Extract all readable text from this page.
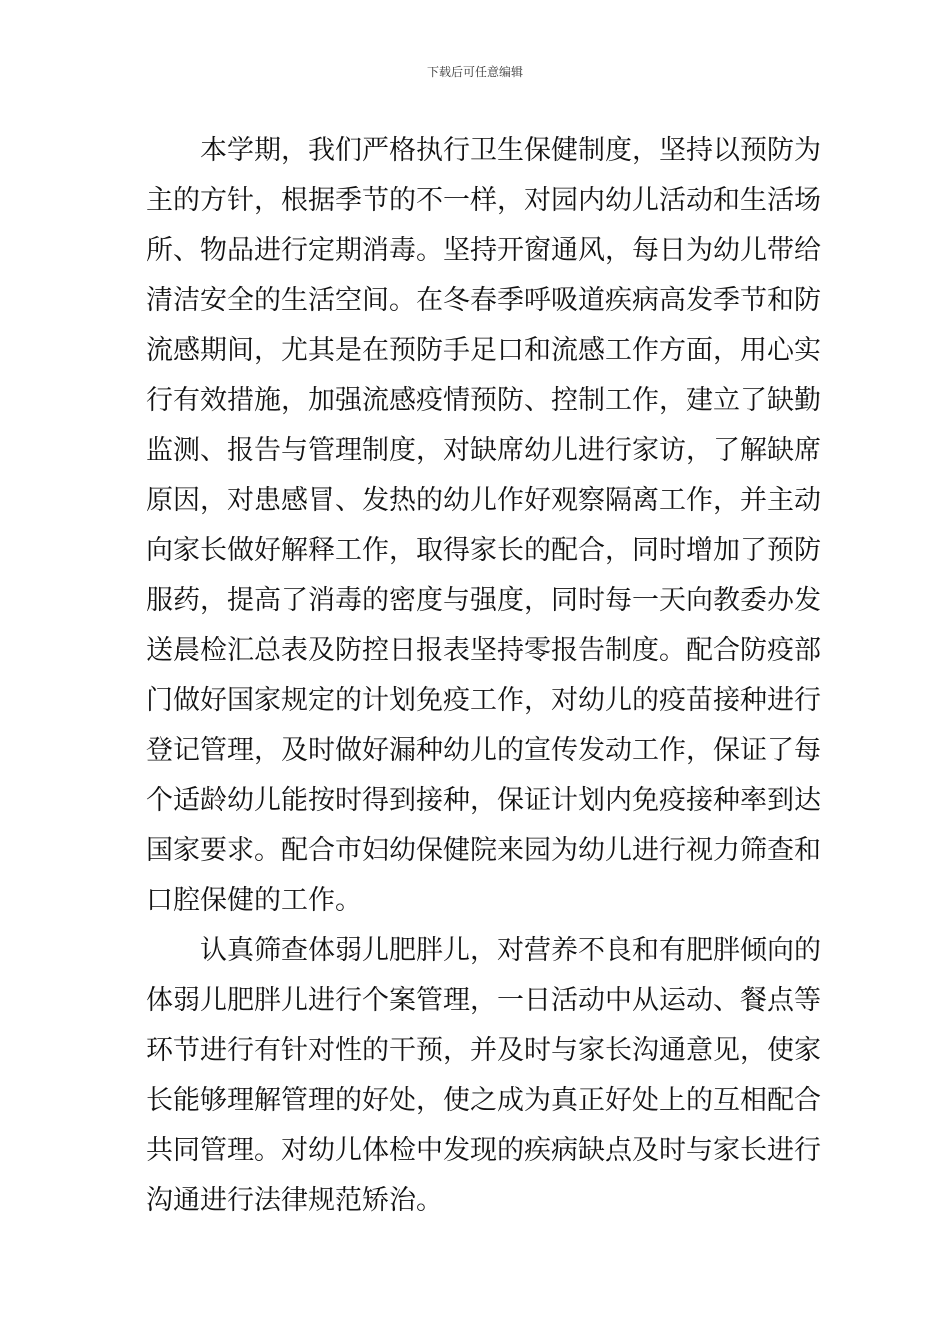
下载后可任意编辑
本学期，我们严格执行卫生保健制度，坚持以预防为
主的方针，根据季节的不一样，对园内幼儿活动和生活场
所、物品进行定期消毒。坚持开窗通风，每日为幼儿带给
清洁安全的生活空间。在冬春季呼吸道疾病高发季节和防
流感期间，尤其是在预防手足口和流感工作方面，用心实
行有效措施，加强流感疫情预防、控制工作，建立了缺勤
监测、报告与管理制度，对缺席幼儿进行家访，了解缺席
原因，对患感冒、发热的幼儿作好观察隔离工作，并主动
向家长做好解释工作，取得家长的配合，同时增加了预防
服药，提高了消毒的密度与强度，同时每一天向教委办发
送晨检汇总表及防控日报表坚持零报告制度。配合防疫部
门做好国家规定的计划免疫工作，对幼儿的疫苗接种进行
登记管理，及时做好漏种幼儿的宣传发动工作，保证了每
个适龄幼儿能按时得到接种，保证计划内免疫接种率到达
国家要求。配合市妇幼保健院来园为幼儿进行视力筛查和
口腔保健的工作。
认真筛查体弱儿肥胖儿，对营养不良和有肥胖倾向的
体弱儿肥胖儿进行个案管理，一日活动中从运动、餐点等
环节进行有针对性的干预，并及时与家长沟通意见，使家
长能够理解管理的好处，使之成为真正好处上的互相配合
共同管理。对幼儿体检中发现的疾病缺点及时与家长进行
沟通进行法律规范矫治。
